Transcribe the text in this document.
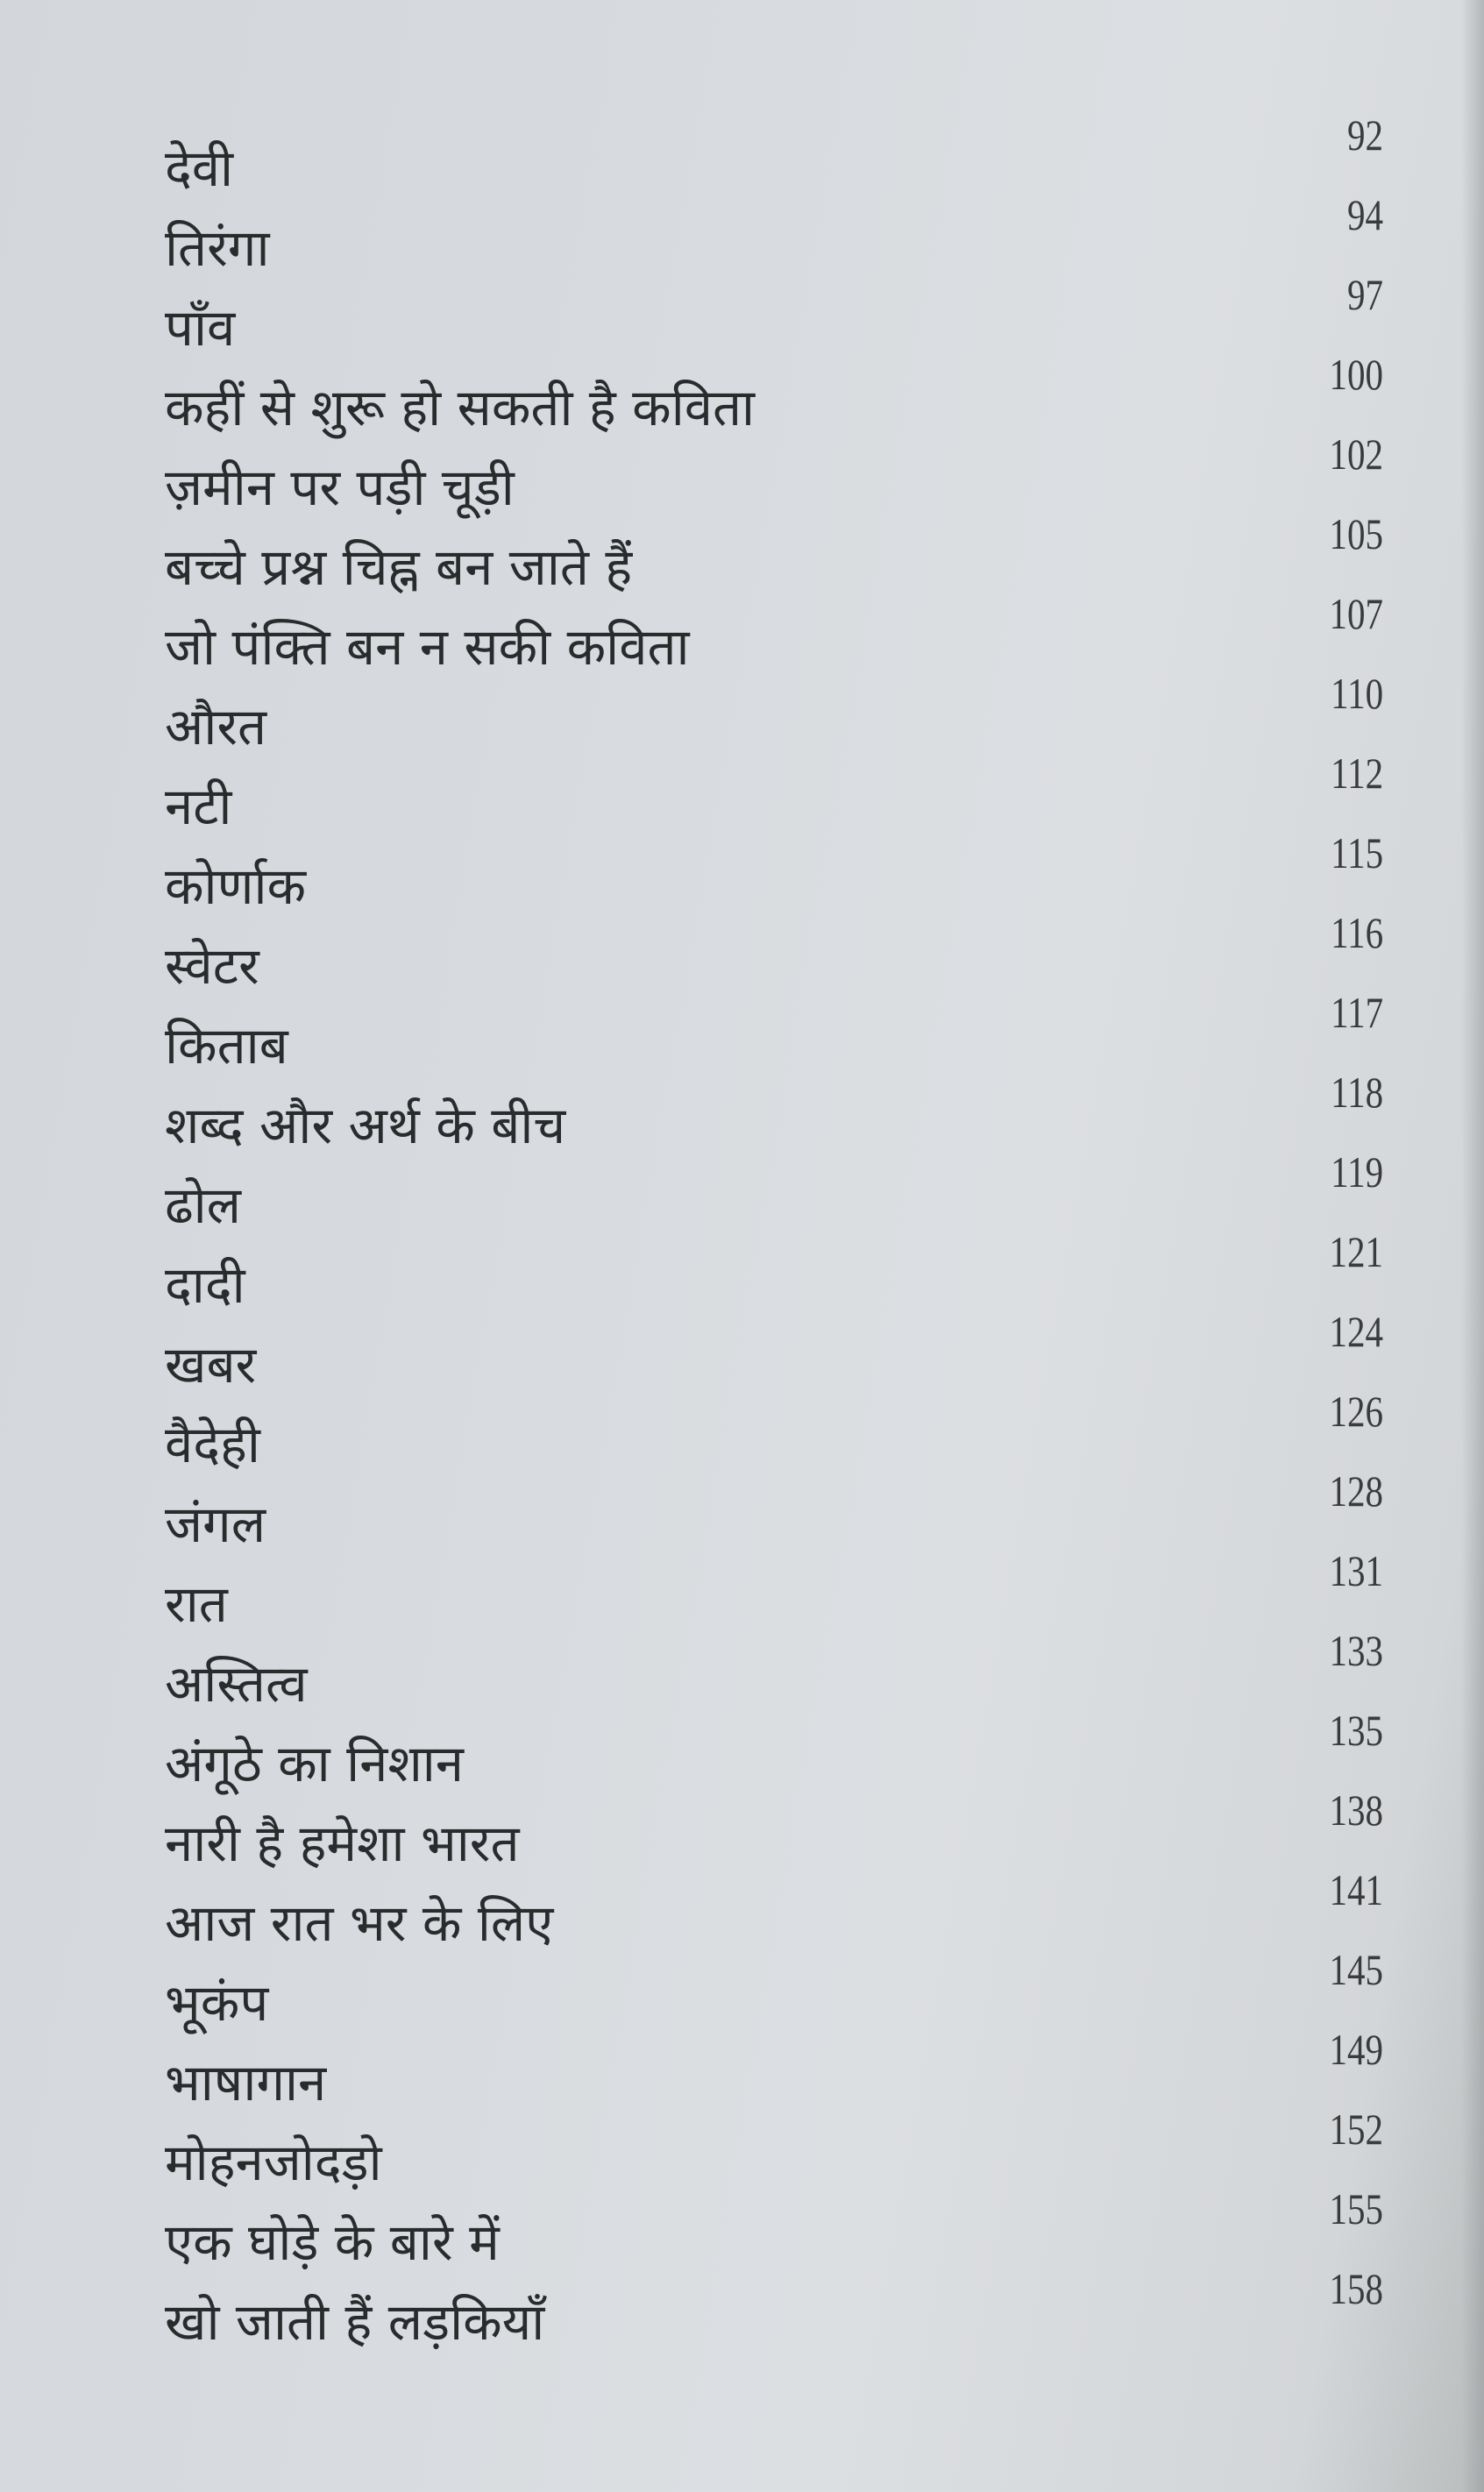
देवी
92
तिरंगा
94
पाँव
97
कहीं से शुरू हो सकती है कविता
100
ज़मीन पर पड़ी चूड़ी
102
बच्चे प्रश्न चिह्न बन जाते हैं
105
जो पंक्ति बन न सकी कविता
107
औरत
110
नटी
112
कोर्णाक
115
स्वेटर
116
किताब
117
शब्द और अर्थ के बीच
118
ढोल
119
दादी
121
खबर
124
वैदेही
126
जंगल
128
रात
131
अस्तित्व
133
अंगूठे का निशान
135
नारी है हमेशा भारत
138
आज रात भर के लिए
141
भूकंप
145
भाषागान
149
मोहनजोदड़ो
152
एक घोड़े के बारे में
155
खो जाती हैं लड़कियाँ
158
